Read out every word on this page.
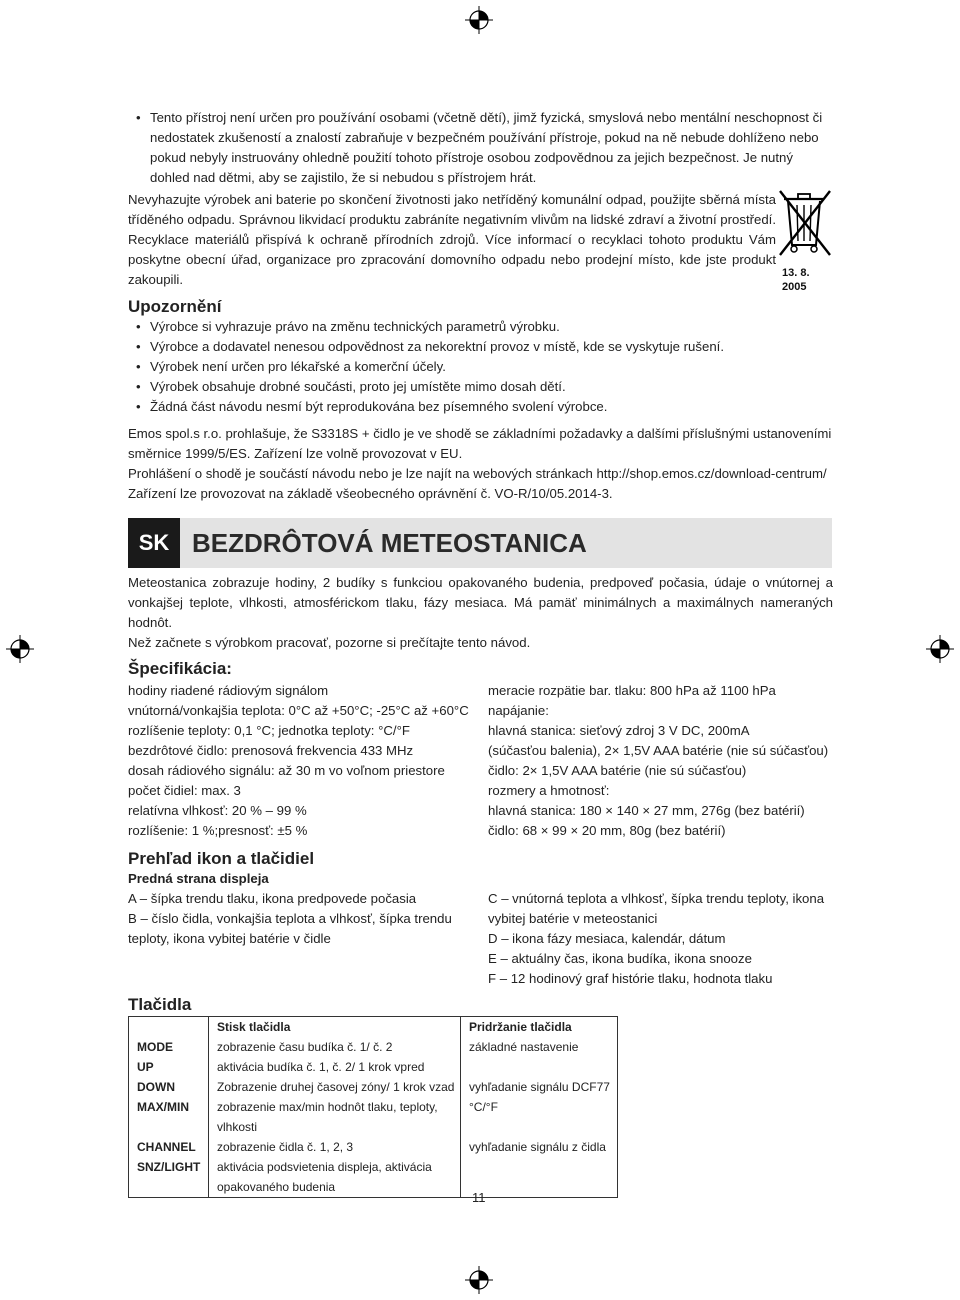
• Tento přístroj není určen pro používání osobami (včetně dětí), jimž fyzická, smyslová nebo mentální neschopnost či nedostatek zkušeností a znalostí zabraňuje v bezpečném používání přístroje, pokud na ně nebude dohlíženo nebo pokud nebyly instruovány ohledně použití tohoto přístroje osobou zodpovědnou za jejich bezpečnost. Je nutný dohled nad dětmi, aby se zajistilo, že si nebudou s přístrojem hrát.

Nevyhazujte výrobek ani baterie po skončení životnosti jako netříděný komunální odpad, použijte sběrná místa tříděného odpadu. Správnou likvidací produktu zabráníte negativním vlivům na lidské zdraví a životní prostředí. Recyklace materiálů přispívá k ochraně přírodních zdrojů. Více informací o recyklaci tohoto produktu Vám poskytne obecní úřad, organizace pro zpracování domovního odpadu nebo prodejní místo, kde jste produkt zakoupili.	13. 8. 2005
Upozornění
• Výrobce si vyhrazuje právo na změnu technických parametrů výrobku.
• Výrobce a dodavatel nenesou odpovědnost za nekorektní provoz v místě, kde se vyskytuje rušení.
• Výrobek není určen pro lékařské a komerční účely.
• Výrobek obsahuje drobné součásti, proto jej umístěte mimo dosah dětí.
• Žádná část návodu nesmí být reprodukována bez písemného svolení výrobce.

Emos spol.s r.o. prohlašuje, že S3318S + čidlo je ve shodě se základními požadavky a dalšími příslušnými ustanoveními směrnice 1999/5/ES. Zařízení lze volně provozovat v EU.

Prohlášení o shodě je součástí návodu nebo je lze najít na webových stránkach http://shop.emos.cz/download-centrum/

Zařízení lze provozovat na základě všeobecného oprávnění č. VO-R/10/05.2014-3.

SK BEZDRÔTOVÁ METEOSTANICA

Meteostanica zobrazuje hodiny, 2 budíky s funkciou opakovaného budenia, predpoveď počasia, údaje o vnútornej a vonkajšej teplote, vlhkosti, atmosférickom tlaku, fázy mesiaca. Má pamäť minimálnych a maximálnych nameraných hodnôt.

Než začnete s výrobkom pracovať, pozorne si prečítajte tento návod.

Špecifikácia:
hodiny riadené rádiovým signálom
vnútorná/vonkajšia teplota: 0°C až +50°C; -25°C až +60°C
rozlíšenie teploty: 0,1 °C; jednotka teploty: °C/°F
bezdrôtové čidlo: prenosová frekvencia 433 MHz
dosah rádiového signálu: až 30 m vo voľnom priestore
počet čidiel: max. 3
relatívna vlhkosť: 20 % – 99 %
rozlíšenie: 1 %;presnosť: ±5 %
meracie rozpätie bar. tlaku: 800 hPa až 1100 hPa
napájanie:
hlavná stanica: sieťový zdroj 3 V DC, 200mA
(súčasťou balenia), 2× 1,5V AAA batérie (nie sú súčasťou)
čidlo: 2× 1,5V AAA batérie (nie sú súčasťou)
rozmery a hmotnosť:
hlavná stanica: 180 × 140 × 27 mm, 276g (bez batérií)
čidlo: 68 × 99 × 20 mm, 80g (bez batérií)
Prehľad ikon a tlačidiel
Predná strana displeja
A – šípka trendu tlaku, ikona predpovede počasia
B – číslo čidla, vonkajšia teplota a vlhkosť, šípka trendu teploty, ikona vybitej batérie v čidle
C – vnútorná teplota a vlhkosť, šípka trendu teploty, ikona vybitej batérie v meteostanici
D – ikona fázy mesiaca, kalendár, dátum
E – aktuálny čas, ikona budíka, ikona snooze
F – 12 hodinový graf histórie tlaku, hodnota tlaku
Tlačidla
	Stisk tlačidla	Pridržanie tlačidla
MODE	zobrazenie času budíka č. 1/ č. 2	základné nastavenie
UP	aktivácia budíka č. 1, č. 2/ 1 krok vpred	
DOWN	Zobrazenie druhej časovej zóny/ 1 krok vzad	vyhľadanie signálu DCF77
MAX/MIN	zobrazenie max/min hodnôt tlaku, teploty, vlhkosti	°C/°F
CHANNEL	zobrazenie čidla č. 1, 2, 3	vyhľadanie signálu z čidla
SNZ/LIGHT	aktivácia podsvietenia displeja, aktivácia opakovaného budenia	
11
